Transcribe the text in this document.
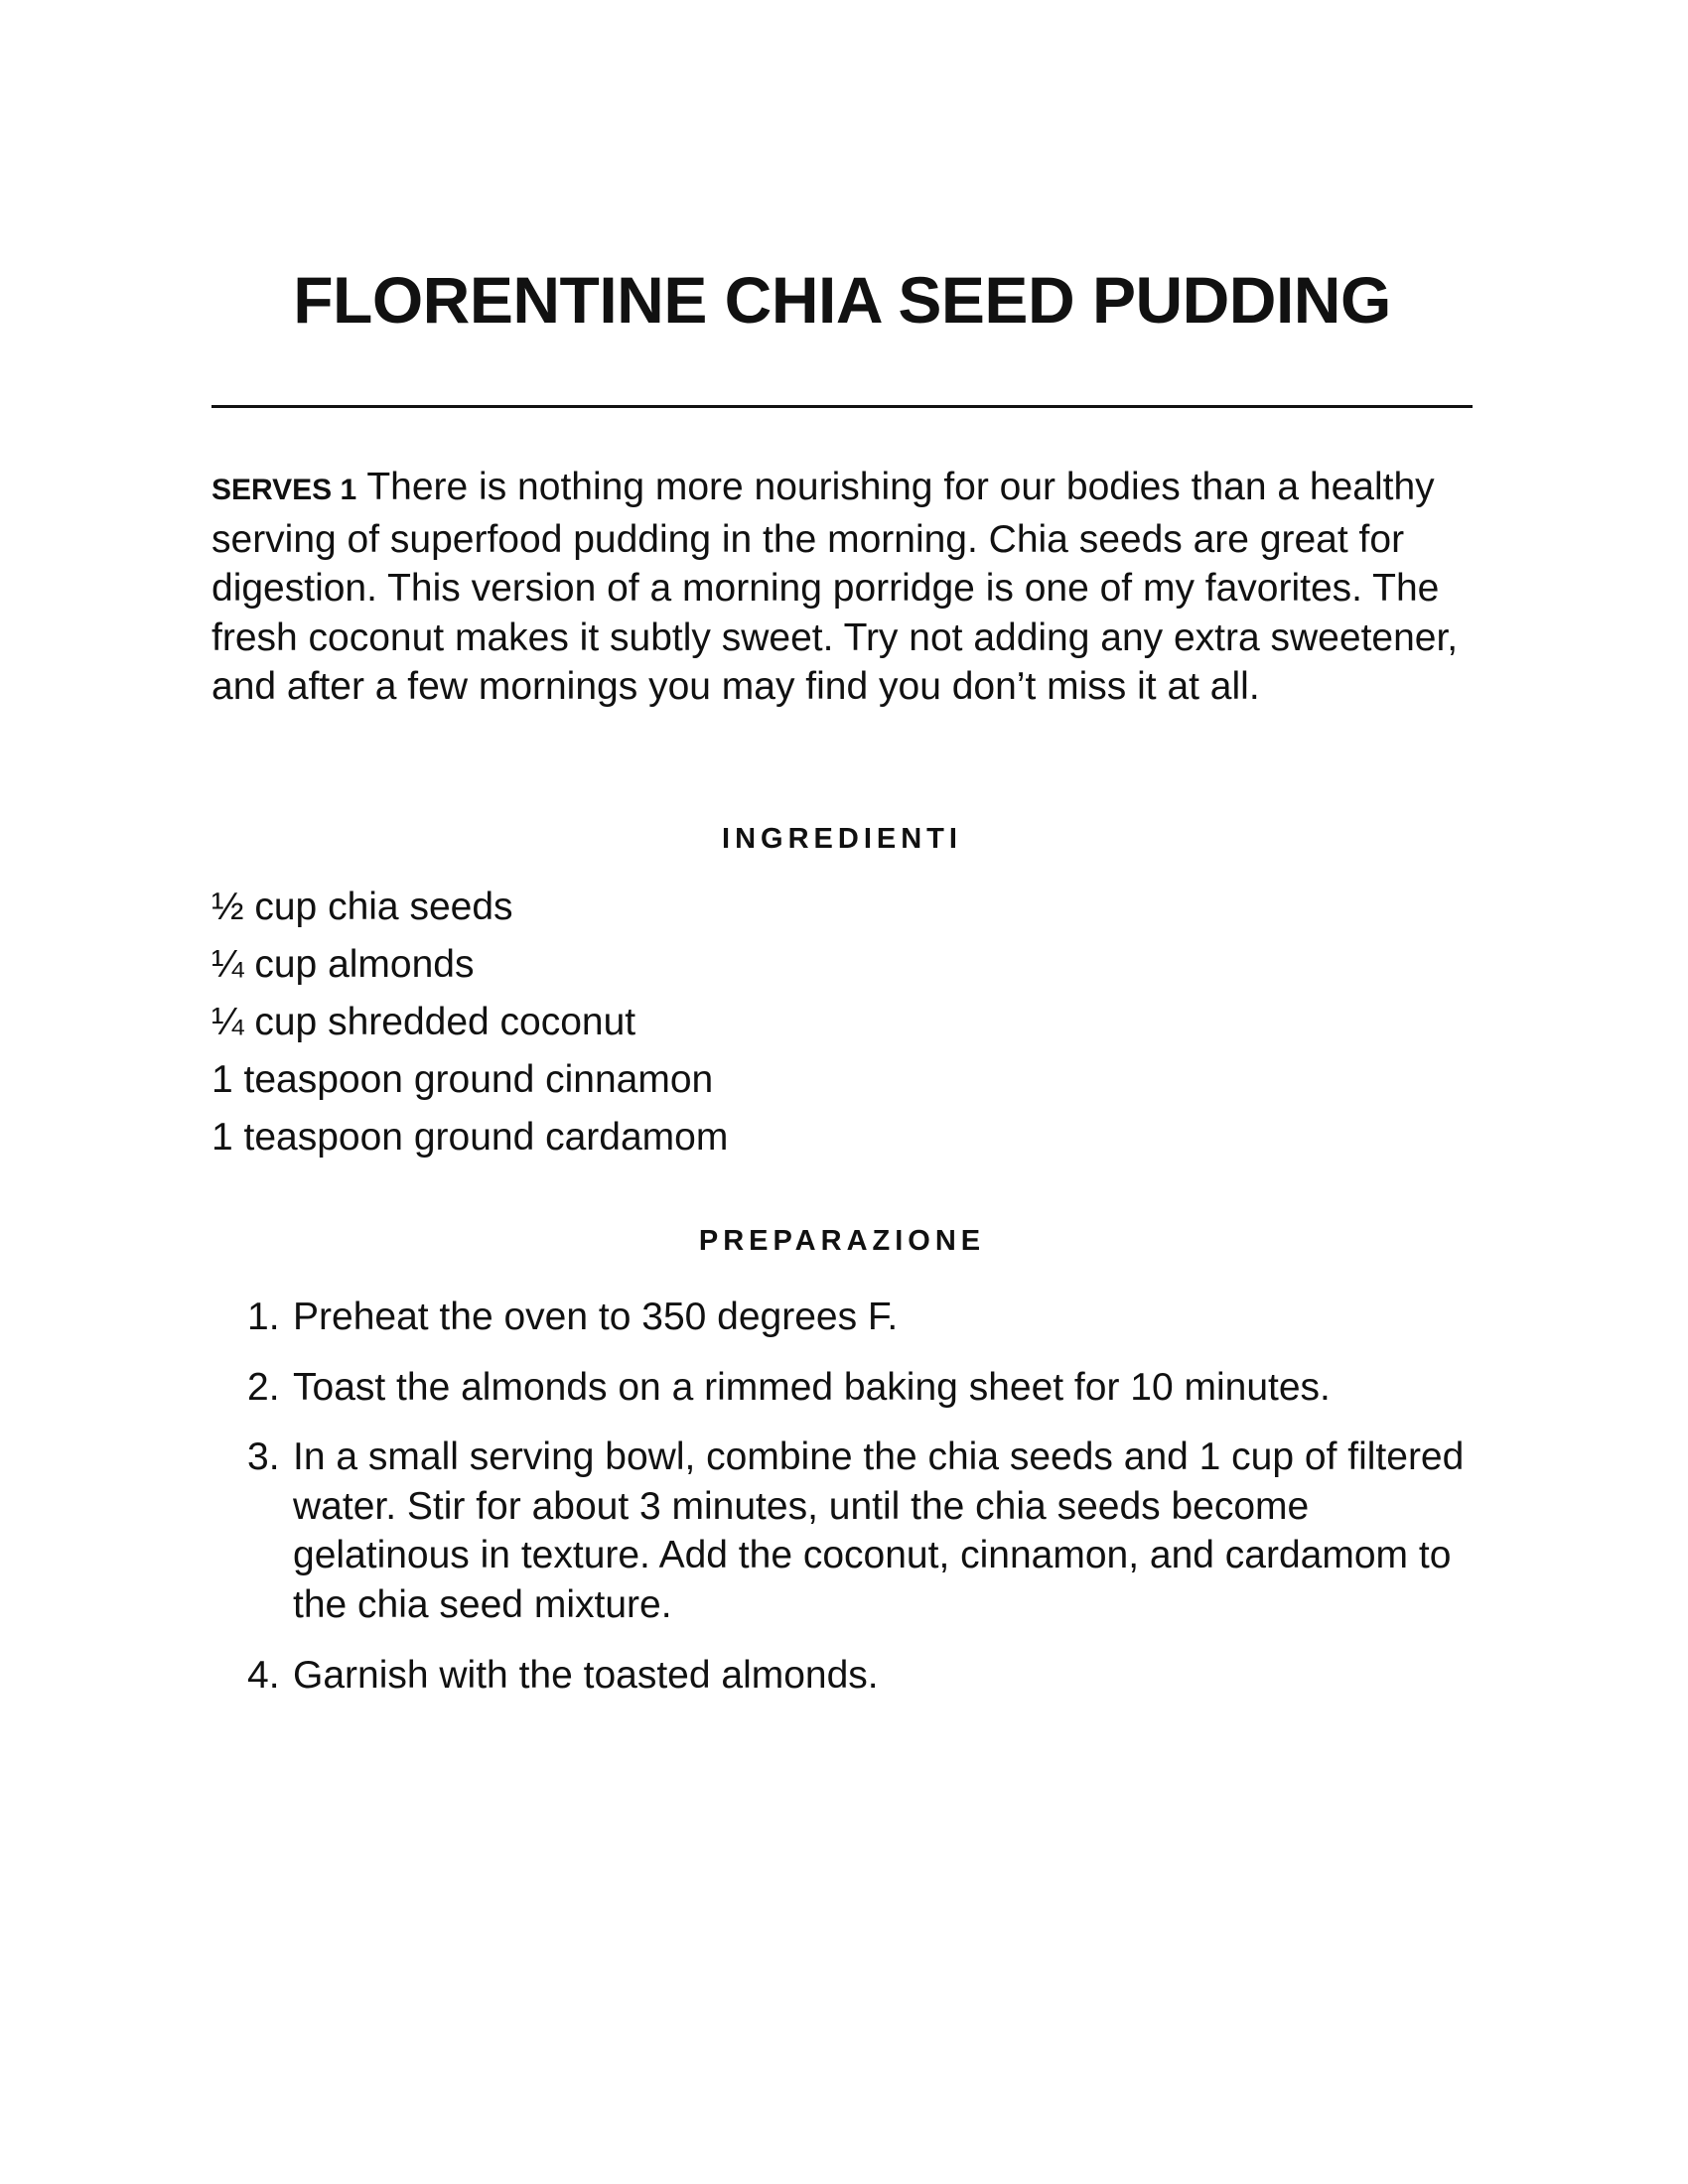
FLORENTINE CHIA SEED PUDDING

SERVES 1 There is nothing more nourishing for our bodies than a healthy serving of superfood pudding in the morning. Chia seeds are great for digestion. This version of a morning porridge is one of my favorites. The fresh coconut makes it subtly sweet. Try not adding any extra sweetener, and after a few mornings you may find you don’t miss it at all.

INGREDIENTI
½ cup chia seeds
¼ cup almonds
¼ cup shredded coconut
1 teaspoon ground cinnamon
1 teaspoon ground cardamom
PREPARAZIONE
1. Preheat the oven to 350 degrees F.
2. Toast the almonds on a rimmed baking sheet for 10 minutes.
3. In a small serving bowl, combine the chia seeds and 1 cup of filtered water. Stir for about 3 minutes, until the chia seeds become gelatinous in texture. Add the coconut, cinnamon, and cardamom to the chia seed mixture.
4. Garnish with the toasted almonds.
